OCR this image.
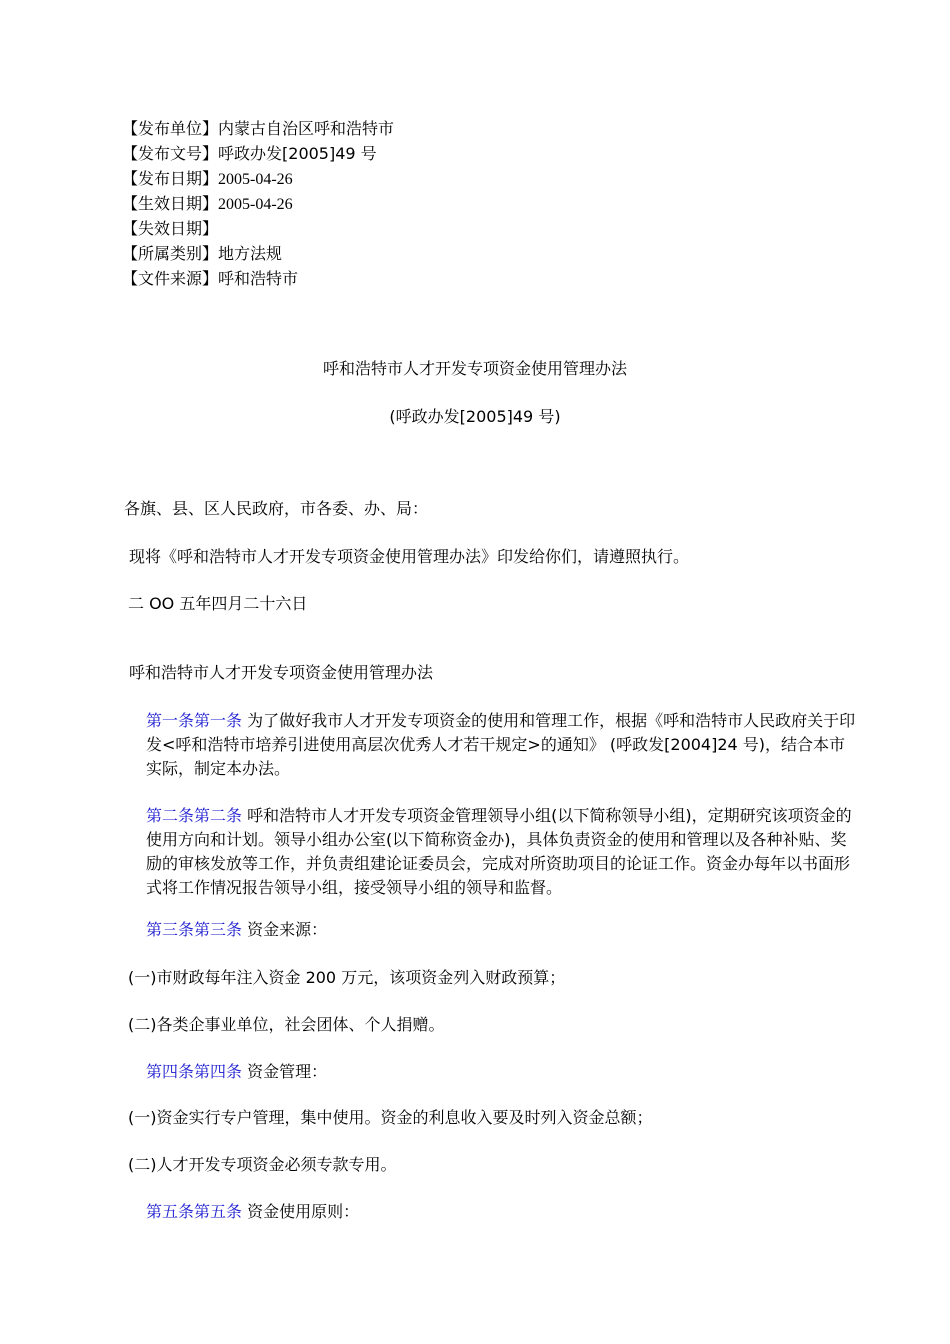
【发布单位】内蒙古自治区呼和浩特市
【发布文号】呼政办发[2005]49 号
【发布日期】2005-04-26
【生效日期】2005-04-26
【失效日期】
【所属类别】地方法规
【文件来源】呼和浩特市
呼和浩特市人才开发专项资金使用管理办法
(呼政办发[2005]49 号)
各旗、县、区人民政府，市各委、办、局：
现将《呼和浩特市人才开发专项资金使用管理办法》印发给你们，请遵照执行。
二 OO 五年四月二十六日
呼和浩特市人才开发专项资金使用管理办法
第一条第一条 为了做好我市人才开发专项资金的使用和管理工作，根据《呼和浩特市人民政府关于印发<呼和浩特市培养引进使用高层次优秀人才若干规定>的通知》 (呼政发[2004]24 号)，结合本市实际，制定本办法。
第二条第二条 呼和浩特市人才开发专项资金管理领导小组(以下简称领导小组)，定期研究该项资金的使用方向和计划。领导小组办公室(以下简称资金办)，具体负责资金的使用和管理以及各种补贴、奖励的审核发放等工作，并负责组建论证委员会，完成对所资助项目的论证工作。资金办每年以书面形式将工作情况报告领导小组，接受领导小组的领导和监督。
第三条第三条 资金来源：
(一)市财政每年注入资金 200 万元，该项资金列入财政预算；
(二)各类企事业单位，社会团体、个人捐赠。
第四条第四条 资金管理：
(一)资金实行专户管理，集中使用。资金的利息收入要及时列入资金总额；
(二)人才开发专项资金必须专款专用。
第五条第五条 资金使用原则：
